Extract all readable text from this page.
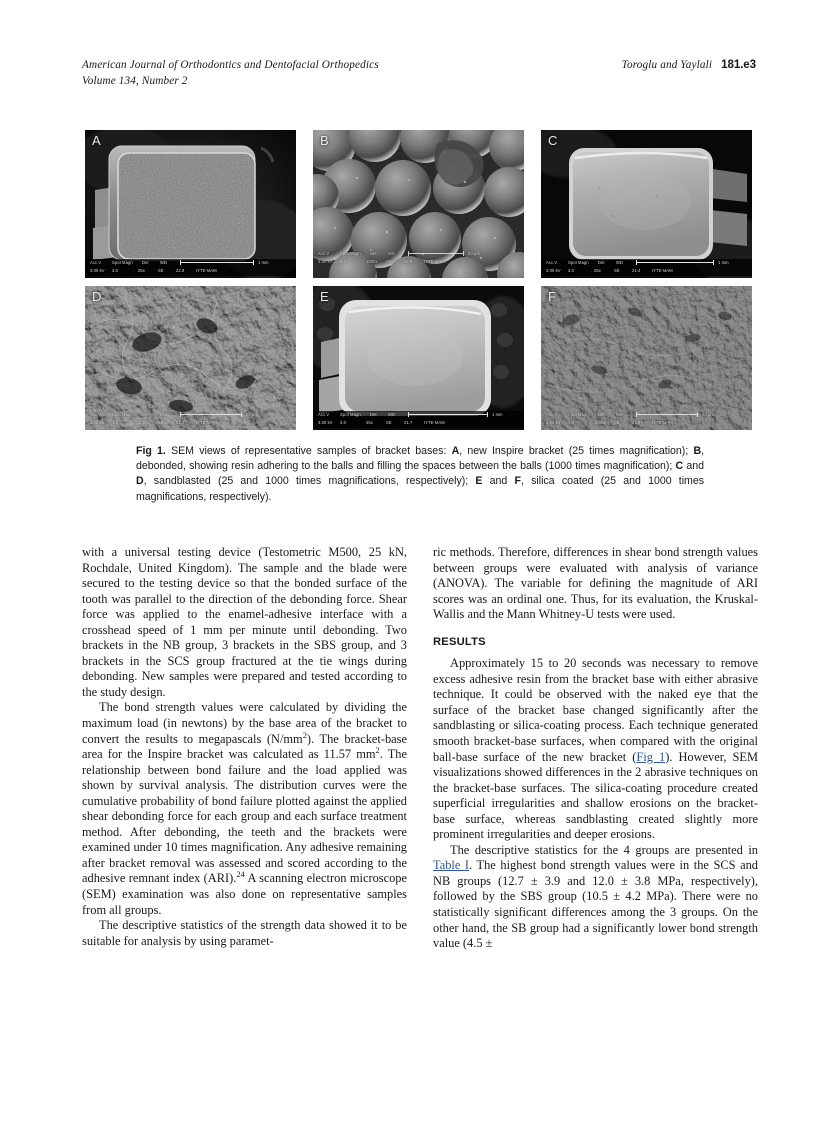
American Journal of Orthodontics and Dentofacial Orthopedics
Volume 134, Number 2
Toroglu and Yaylali 181.e3
A
Acc.V	Spot Magn	Det	WD	1 mm
3.00 kV	3.0	25x	SE	22.8	IYTE-MAM
B
Acc.V	Spot Magn	Det	WD	20 µm
3.00 kV	3.0	1000x	SE	22.8	IYTE-MAM
C
Acc.V	Spot Magn	Det	WD	1 mm
3.00 kV	3.0	25x	SE	21.4	IYTE-MAM
D
Acc.V	Spot Magn	Det	WD	20 µm
3.00 kV	3.0	1000x	SE	21.4	IYTE-MAM
E
Acc.V	Spot Magn	Det	WD	1 mm
3.00 kV	3.0	25x	SE	21.7	IYTE-MAM
F
Acc.V	Spot Magn	Det	WD	20 µm
3.00 kV	3.0	1000x	SE	21.8	IYTE-MAM
Fig 1. SEM views of representative samples of bracket bases: A, new Inspire bracket (25 times magnification); B, debonded, showing resin adhering to the balls and filling the spaces between the balls (1000 times magnification); C and D, sandblasted (25 and 1000 times magnifications, respectively); E and F, silica coated (25 and 1000 times magnifications, respectively).

with a universal testing device (Testometric M500, 25 kN, Rochdale, United Kingdom). The sample and the blade were secured to the testing device so that the bonded surface of the tooth was parallel to the direction of the debonding force. Shear force was applied to the enamel-adhesive interface with a crosshead speed of 1 mm per minute until debonding. Two brackets in the NB group, 3 brackets in the SBS group, and 3 brackets in the SCS group fractured at the tie wings during debonding. New samples were prepared and tested according to the study design.

The bond strength values were calculated by dividing the maximum load (in newtons) by the base area of the bracket to convert the results to megapascals $(N/mm^2)$. The bracket-base area for the Inspire bracket was calculated as 11.57 $mm^2$. The relationship between bond failure and the load applied was shown by survival analysis. The distribution curves were the cumulative probability of bond failure plotted against the applied shear debonding force for each group and each surface treatment method. After debonding, the teeth and the brackets were examined under 10 times magnification. Any adhesive remaining after bracket removal was assessed and scored according to the adhesive remnant index (ARI).$^{24}$ A scanning electron microscope (SEM) examination was also done on representative samples from all groups.

The descriptive statistics of the strength data showed it to be suitable for analysis by using paramet-

ric methods. Therefore, differences in shear bond strength values between groups were evaluated with analysis of variance (ANOVA). The variable for defining the magnitude of ARI scores was an ordinal one. Thus, for its evaluation, the Kruskal-Wallis and the Mann Whitney-U tests were used.

RESULTS

Approximately 15 to 20 seconds was necessary to remove excess adhesive resin from the bracket base with either abrasive technique. It could be observed with the naked eye that the surface of the bracket base changed significantly after the sandblasting or silica-coating process. Each technique generated smooth bracket-base surfaces, when compared with the original ball-base surface of the new bracket (Fig 1). However, SEM visualizations showed differences in the 2 abrasive techniques on the bracket-base surfaces. The silica-coating procedure created superficial irregularities and shallow erosions on the bracket-base surface, whereas sandblasting created slightly more prominent irregularities and deeper erosions.

The descriptive statistics for the 4 groups are presented in Table I. The highest bond strength values were in the SCS and NB groups (12.7 ± 3.9 and 12.0 ± 3.8 MPa, respectively), followed by the SBS group (10.5 ± 4.2 MPa). There were no statistically significant differences among the 3 groups. On the other hand, the SB group had a significantly lower bond strength value (4.5 ±
